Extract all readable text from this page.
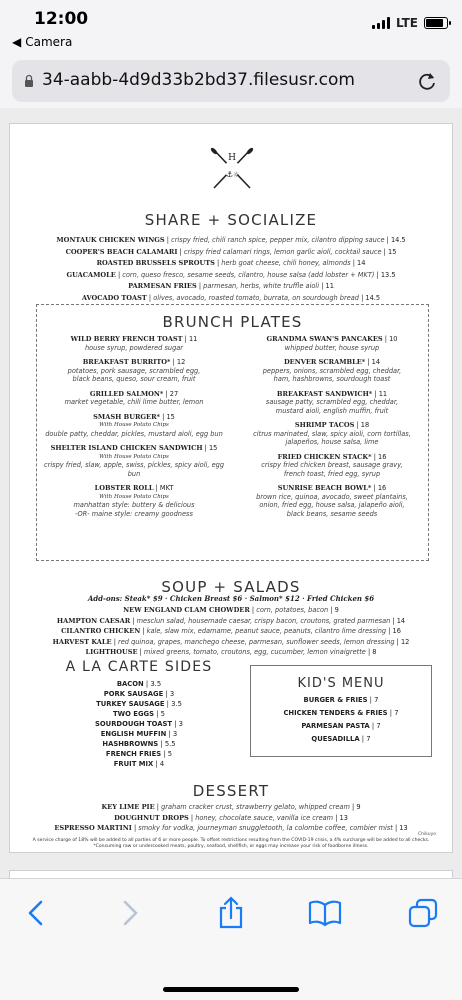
12:00
◀ Camera
LTE
34-aabb-4d9d33b2bd37.filesusr.com
H
⚓ ☼
SHARE + SOCIALIZE
MONTAUK CHICKEN WINGS | crispy fried, chili ranch spice, pepper mix, cilantro dipping sauce | 14.5
COOPER'S BEACH CALAMARI | crispy fried calamari rings, lemon garlic aioli, cocktail sauce | 15
ROASTED BRUSSELS SPROUTS | herb goat cheese, chili honey, almonds | 14
GUACAMOLE | corn, queso fresco, sesame seeds, cilantro, house salsa (add lobster + MKT) | 13.5
PARMESAN FRIES | parmesan, herbs, white truffle aioli | 11
AVOCADO TOAST | olives, avocado, roasted tomato, burrata, on sourdough bread | 14.5
BRUNCH PLATES
WILD BERRY FRENCH TOAST | 11
house syrup, powdered sugar
BREAKFAST BURRITO* | 12
potatoes, pork sausage, scrambled egg,
black beans, queso, sour cream, fruit
GRILLED SALMON* | 27
market vegetable, chili lime butter, lemon
SMASH BURGER* | 15
With House Potato Chips
double patty, cheddar, pickles, mustard aioli, egg bun
SHELTER ISLAND CHICKEN SANDWICH | 15
With House Potato Chips
crispy fried, slaw, apple, swiss, pickles, spicy aioli, egg bun
LOBSTER ROLL | MKT
With House Potato Chips
manhattan style: buttery & delicious
-OR- maine style: creamy goodness
GRANDMA SWAN'S PANCAKES | 10
whipped butter, house syrup
DENVER SCRAMBLE* | 14
peppers, onions, scrambled egg, cheddar,
ham, hashbrowns, sourdough toast
BREAKFAST SANDWICH* | 11
sausage patty, scrambled egg, cheddar,
mustard aioli, english muffin, fruit
SHRIMP TACOS | 18
citrus marinated, slaw, spicy aioli, corn tortillas,
jalapeños, house salsa, lime
FRIED CHICKEN STACK* | 16
crispy fried chicken breast, sausage gravy,
french toast, fried egg, syrup
SUNRISE BEACH BOWL* | 16
brown rice, quinoa, avocado, sweet plantains,
onion, fried egg, house salsa, jalapeño aioli,
black beans, sesame seeds
SOUP + SALADS
Add-ons: Steak* $9 · Chicken Breast $6 · Salmon* $12 · Fried Chicken $6
NEW ENGLAND CLAM CHOWDER | corn, potatoes, bacon | 9
HAMPTON CAESAR | mesclun salad, housemade caesar, crispy bacon, croutons, grated parmesan | 14
CILANTRO CHICKEN | kale, slaw mix, edamame, peanut sauce, peanuts, cilantro lime dressing | 16
HARVEST KALE | red quinoa, grapes, manchego cheese, parmesan, sunflower seeds, lemon dressing | 12
LIGHTHOUSE | mixed greens, tomato, croutons, egg, cucumber, lemon vinaigrette | 8
A LA CARTE SIDES
BACON | 3.5
PORK SAUSAGE | 3
TURKEY SAUSAGE | 3.5
TWO EGGS | 5
SOURDOUGH TOAST | 3
ENGLISH MUFFIN | 3
HASHBROWNS | 5.5
FRENCH FRIES | 5
FRUIT MIX | 4
KID'S MENU
BURGER & FRIES | 7
CHICKEN TENDERS & FRIES | 7
PARMESAN PASTA | 7
QUESADILLA | 7
DESSERT
KEY LIME PIE | graham cracker crust, strawberry gelato, whipped cream | 9
DOUGHNUT DROPS | honey, chocolate sauce, vanilla ice cream | 13
ESPRESSO MARTINI | smoky for vodka, journeyman snuggletooth, la colombe coffee, combier mist | 13
A service charge of 18% will be added to all parties of 6 or more people. To offset restrictions resulting from the COVID-19 crisis, a 4% surcharge will be added to all checks.
*Consuming raw or undercooked meats, poultry, seafood, shellfish, or eggs may increase your risk of foodborne illness.
Chikuyo
